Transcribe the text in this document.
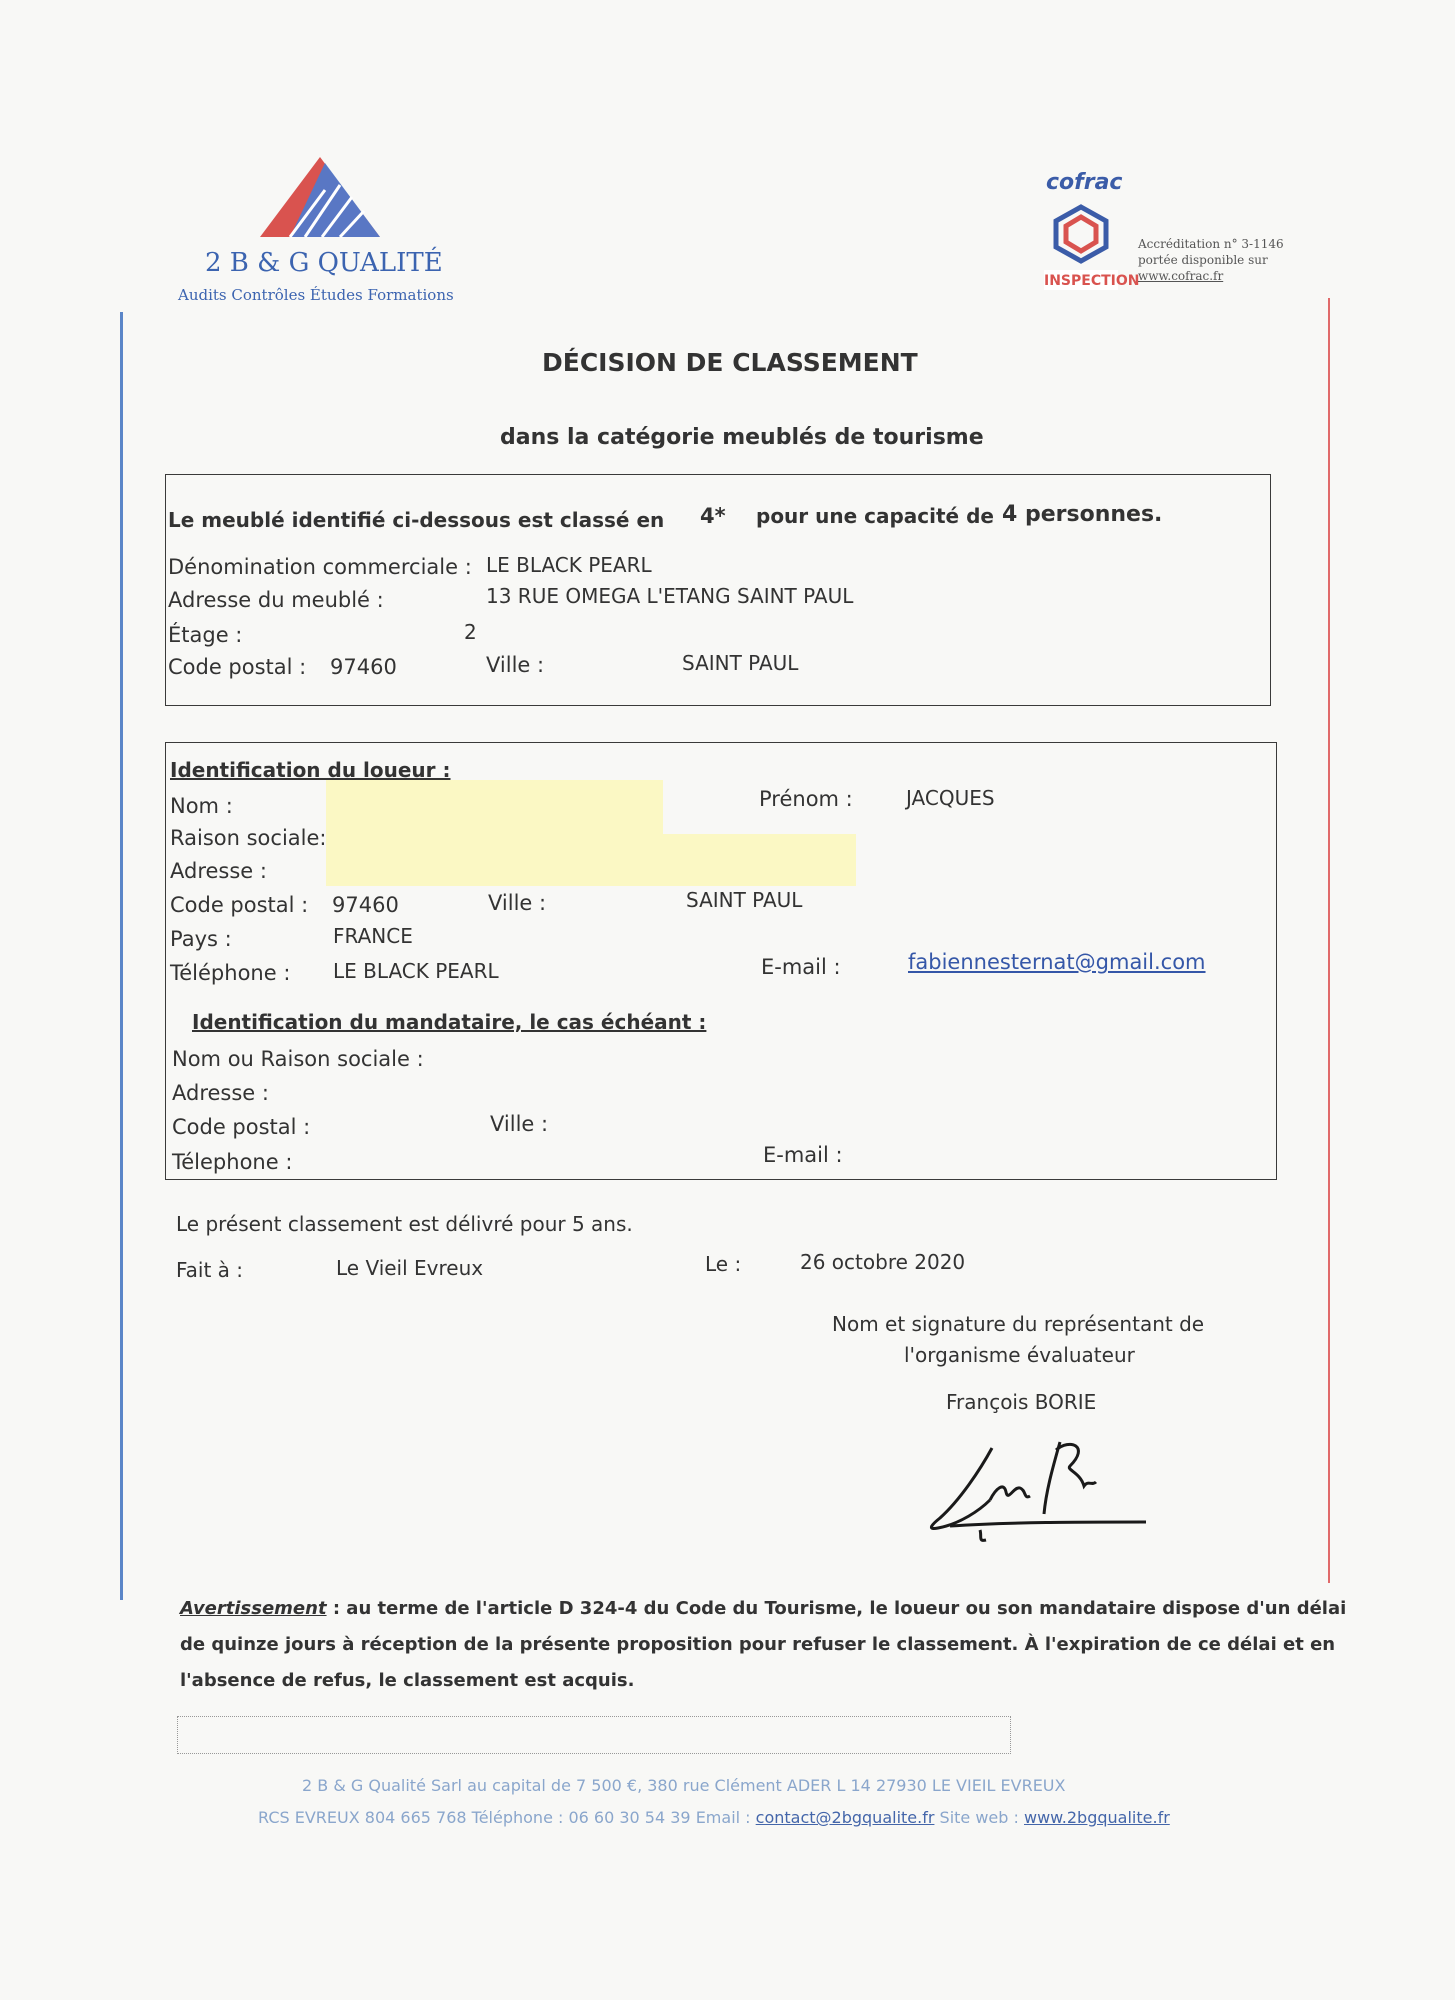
2 B & G QUALITÉ
Audits Contrôles Études Formations
cofrac
INSPECTION
Accréditation n° 3-1146
portée disponible sur
www.cofrac.fr
DÉCISION DE CLASSEMENT
dans la catégorie meublés de tourisme
Le meublé identifié ci-dessous est classé en 4* pour une capacité de 4 personnes.
Dénomination commerciale : LE BLACK PEARL
Adresse du meublé :	13 RUE OMEGA L'ETANG SAINT PAUL
Étage :	2
Code postal : 97460	Ville :	SAINT PAUL
Identification du loueur :
Nom :	Prénom :	JACQUES
Raison sociale:
Adresse :
Code postal : 97460	Ville :	SAINT PAUL
Pays :	FRANCE
Téléphone : LE BLACK PEARL	E-mail :	fabiennesternat@gmail.com
Identification du mandataire, le cas échéant :
Nom ou Raison sociale :
Adresse :
Code postal :	Ville :
Télephone :	E-mail :
Le présent classement est délivré pour 5 ans.
Fait à :	Le Vieil Evreux	Le :	26 octobre 2020
Nom et signature du représentant de
l'organisme évaluateur
François BORIE
Avertissement : au terme de l'article D 324-4 du Code du Tourisme, le loueur ou son mandataire dispose d'un délai
de quinze jours à réception de la présente proposition pour refuser le classement. À l'expiration de ce délai et en
l'absence de refus, le classement est acquis.
2 B & G Qualité Sarl au capital de 7 500 €, 380 rue Clément ADER L 14 27930 LE VIEIL EVREUX
RCS EVREUX 804 665 768 Téléphone : 06 60 30 54 39 Email : contact@2bgqualite.fr Site web : www.2bgqualite.fr
